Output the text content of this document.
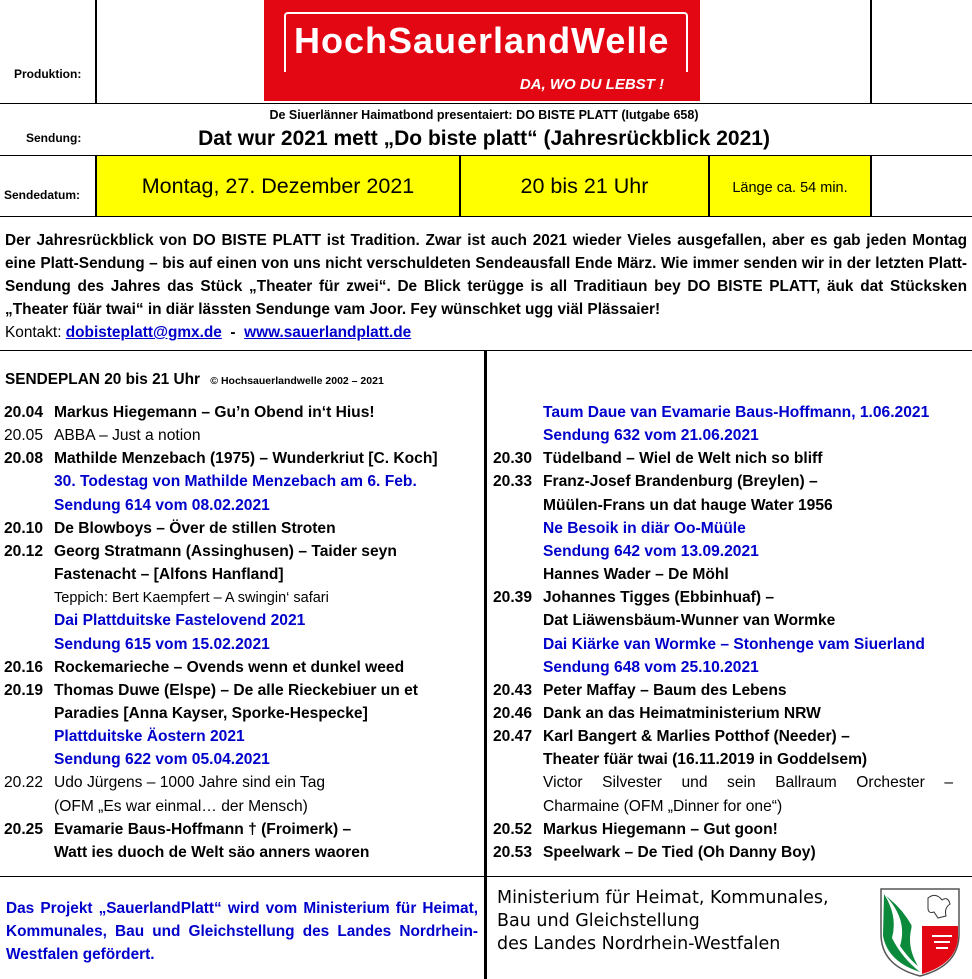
Produktion:
Sendung:
Sendedatum:
HochSauerlandWelle
DA, WO DU LEBST !
De Siuerlänner Haimatbond presentaiert: DO BISTE PLATT (Iutgabe 658)
Dat wur 2021 mett „Do biste platt“ (Jahresrückblick 2021)
Montag, 27. Dezember 2021	20 bis 21 Uhr	Länge ca. 54 min.

Der Jahresrückblick von DO BISTE PLATT ist Tradition. Zwar ist auch 2021 wieder Vieles ausgefallen, aber es gab jeden Montag eine Platt-Sendung – bis auf einen von uns nicht verschuldeten Sendeausfall Ende März. Wie immer senden wir in der letzten Platt-Sendung des Jahres das Stück „Theater für zwei“. De Blick terügge is all Traditiaun bey DO BISTE PLATT, äuk dat Stücksken „Theater füär twai“ in diär lässten Sendunge vam Joor. Fey wünschket ugg viäl Plässaier!

Kontakt: dobisteplatt@gmx.de - www.sauerlandplatt.de

SENDEPLAN 20 bis 21 Uhr © Hochsauerlandwelle 2002 – 2021
20.04 Markus Hiegemann – Gu’n Obend in‘t Hius!
20.05 ABBA – Just a notion
20.08 Mathilde Menzebach (1975) – Wunderkriut [C. Koch]
30. Todestag von Mathilde Menzebach am 6. Feb.
Sendung 614 vom 08.02.2021
20.10 De Blowboys – Över de stillen Stroten
20.12 Georg Stratmann (Assinghusen) – Taider seyn
Fastenacht – [Alfons Hanfland]
Teppich: Bert Kaempfert – A swingin‘ safari
Dai Plattduitske Fastelovend 2021
Sendung 615 vom 15.02.2021
20.16 Rockemarieche – Ovends wenn et dunkel weed
20.19 Thomas Duwe (Elspe) – De alle Rieckebiuer un et
Paradies [Anna Kayser, Sporke-Hespecke]
Plattduitske Äostern 2021
Sendung 622 vom 05.04.2021
20.22 Udo Jürgens – 1000 Jahre sind ein Tag
(OFM „Es war einmal… der Mensch)
20.25 Evamarie Baus-Hoffmann † (Froimerk) –
Watt ies duoch de Welt säo anners waoren
Taum Daue van Evamarie Baus-Hoffmann, 1.06.2021
Sendung 632 vom 21.06.2021
20.30 Tüdelband – Wiel de Welt nich so bliff
20.33 Franz-Josef Brandenburg (Breylen) –
Müülen-Frans un dat hauge Water 1956
Ne Besoik in diär Oo-Müüle
Sendung 642 vom 13.09.2021
Hannes Wader – De Möhl
20.39 Johannes Tigges (Ebbinhuaf) –
Dat Liäwensbäum-Wunner van Wormke
Dai Kiärke van Wormke – Stonhenge vam Siuerland
Sendung 648 vom 25.10.2021
20.43 Peter Maffay – Baum des Lebens
20.46 Dank an das Heimatministerium NRW
20.47 Karl Bangert & Marlies Potthof (Needer) –
Theater füär twai (16.11.2019 in Goddelsem)
Victor Silvester und sein Ballraum Orchester –
Charmaine (OFM „Dinner for one“)
20.52 Markus Hiegemann – Gut goon!
20.53 Speelwark – De Tied (Oh Danny Boy)
Das Projekt „SauerlandPlatt“ wird vom Ministerium für Heimat, Kommunales, Bau und Gleichstellung des Landes Nordrhein-Westfalen gefördert.
Ministerium für Heimat, Kommunales,
Bau und Gleichstellung
des Landes Nordrhein-Westfalen
